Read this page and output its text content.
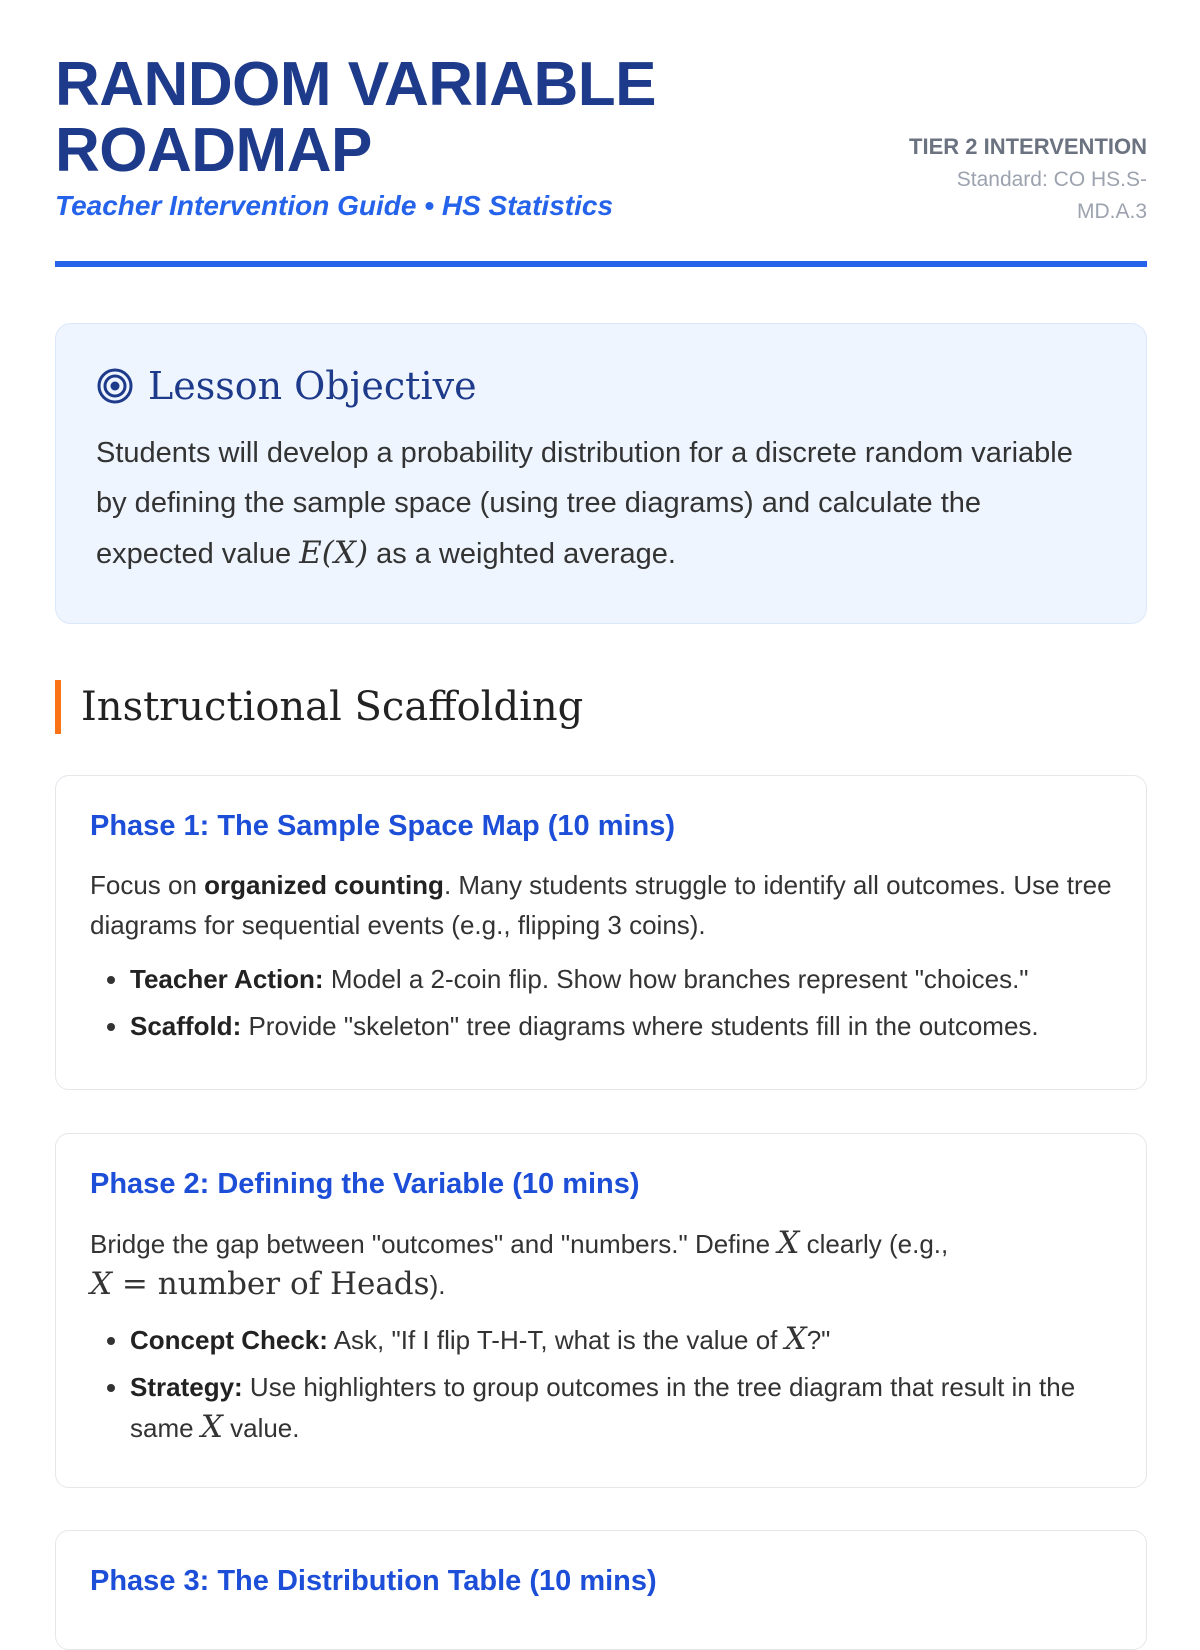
RANDOM VARIABLE
ROADMAP
Teacher Intervention Guide • HS Statistics
TIER 2 INTERVENTION
Standard: CO HS.S-
MD.A.3
Lesson Objective
Students will develop a probability distribution for a discrete random variable by defining the sample space (using tree diagrams) and calculate the expected value E(X) as a weighted average.
Instructional Scaffolding
Phase 1: The Sample Space Map (10 mins)
Focus on organized counting. Many students struggle to identify all outcomes. Use tree diagrams for sequential events (e.g., flipping 3 coins).
• Teacher Action: Model a 2-coin flip. Show how branches represent "choices."
• Scaffold: Provide "skeleton" tree diagrams where students fill in the outcomes.
Phase 2: Defining the Variable (10 mins)
Bridge the gap between "outcomes" and "numbers." Define X clearly (e.g.,
X = number of Heads).
• Concept Check: Ask, "If I flip T-H-T, what is the value of X?"
• Strategy: Use highlighters to group outcomes in the tree diagram that result in the same X value.
Phase 3: The Distribution Table (10 mins)
